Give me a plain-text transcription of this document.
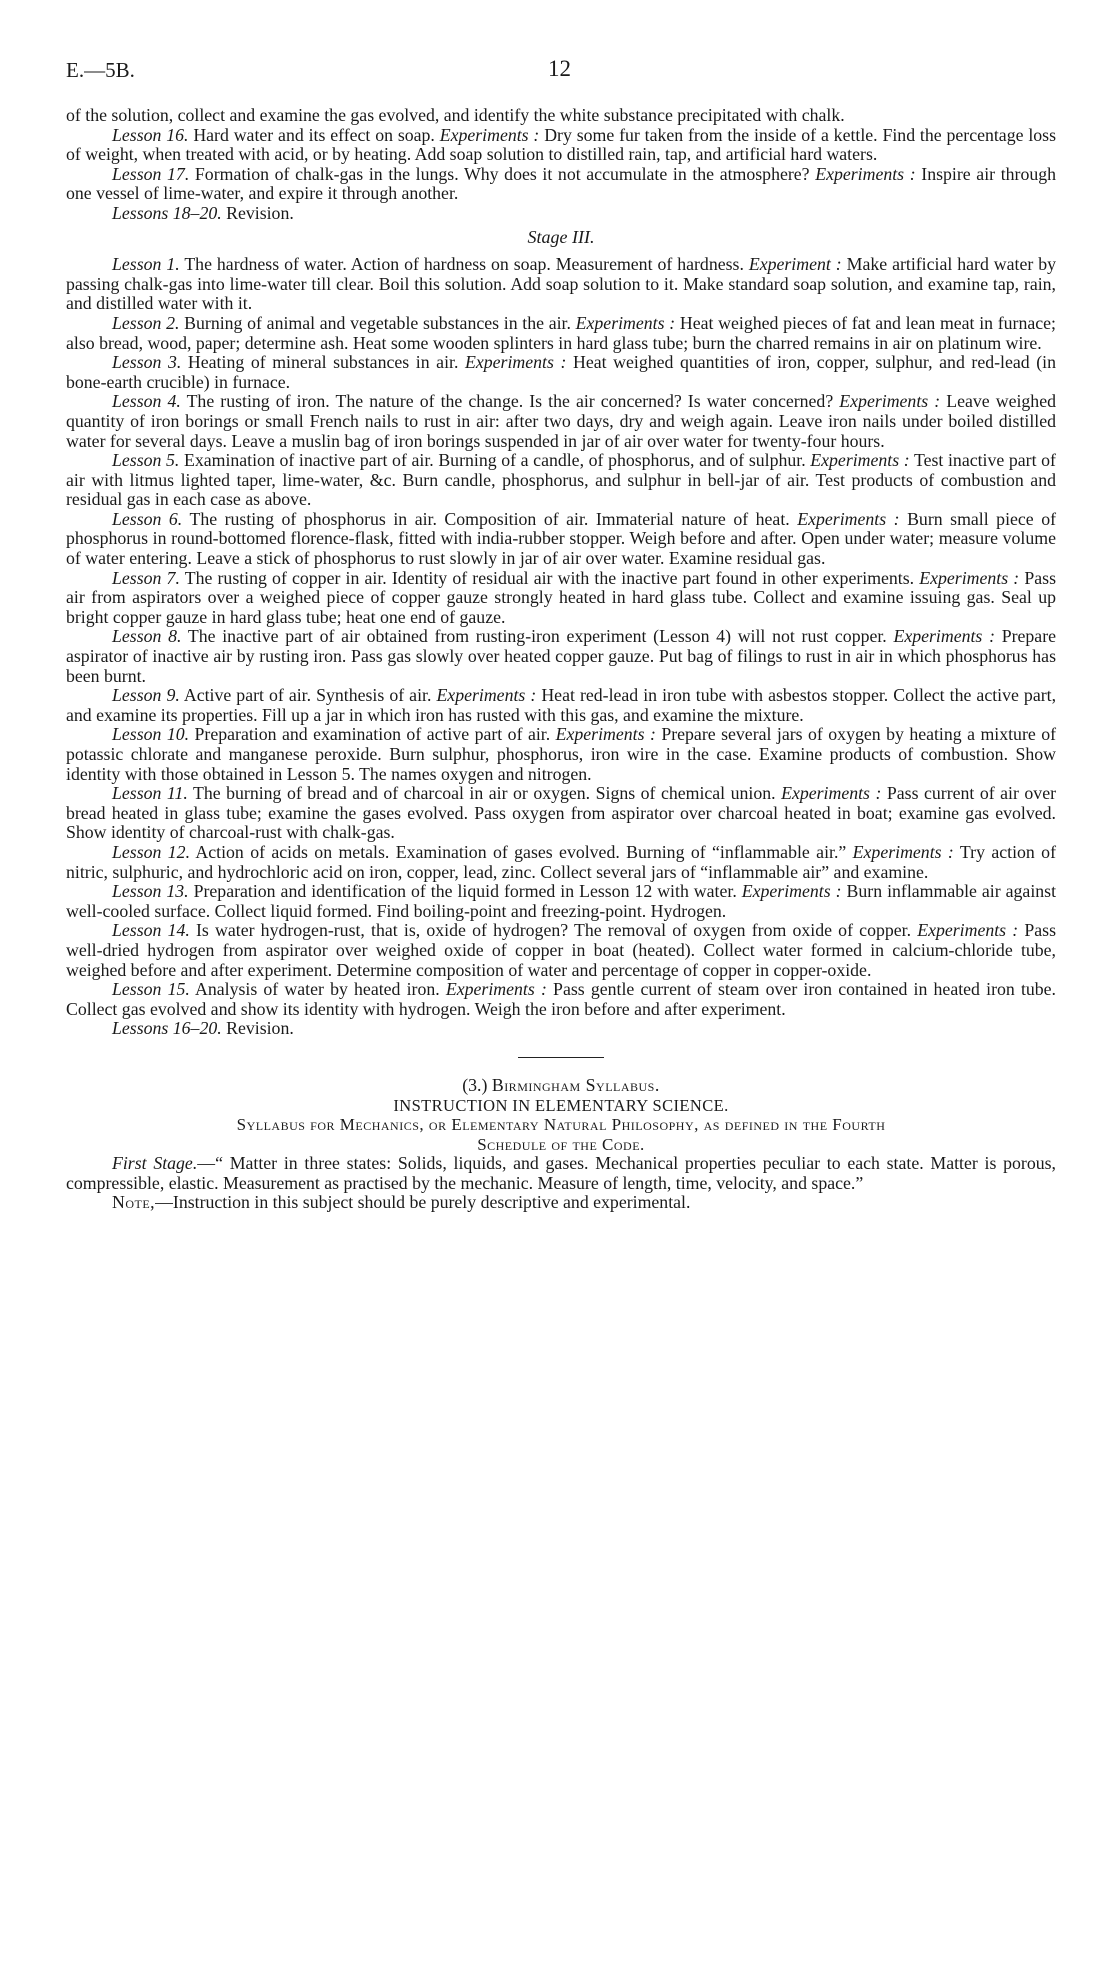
E.—5B.	12

of the solution, collect and examine the gas evolved, and identify the white substance precipitated with chalk.

Lesson 16. Hard water and its effect on soap. Experiments : Dry some fur taken from the inside of a kettle. Find the percentage loss of weight, when treated with acid, or by heating. Add soap solution to distilled rain, tap, and artificial hard waters.

Lesson 17. Formation of chalk-gas in the lungs. Why does it not accumulate in the atmosphere? Experiments : Inspire air through one vessel of lime-water, and expire it through another.

Lessons 18–20. Revision.

Stage III.

Lesson 1. The hardness of water. Action of hardness on soap. Measurement of hardness. Experiment : Make artificial hard water by passing chalk-gas into lime-water till clear. Boil this solution. Add soap solution to it. Make standard soap solution, and examine tap, rain, and distilled water with it.

Lesson 2. Burning of animal and vegetable substances in the air. Experiments : Heat weighed pieces of fat and lean meat in furnace; also bread, wood, paper; determine ash. Heat some wooden splinters in hard glass tube; burn the charred remains in air on platinum wire.

Lesson 3. Heating of mineral substances in air. Experiments : Heat weighed quantities of iron, copper, sulphur, and red-lead (in bone-earth crucible) in furnace.

Lesson 4. The rusting of iron. The nature of the change. Is the air concerned? Is water concerned? Experiments : Leave weighed quantity of iron borings or small French nails to rust in air: after two days, dry and weigh again. Leave iron nails under boiled distilled water for several days. Leave a muslin bag of iron borings suspended in jar of air over water for twenty-four hours.

Lesson 5. Examination of inactive part of air. Burning of a candle, of phosphorus, and of sulphur. Experiments : Test inactive part of air with litmus lighted taper, lime-water, &c. Burn candle, phosphorus, and sulphur in bell-jar of air. Test products of combustion and residual gas in each case as above.

Lesson 6. The rusting of phosphorus in air. Composition of air. Immaterial nature of heat. Experiments : Burn small piece of phosphorus in round-bottomed florence-flask, fitted with india-rubber stopper. Weigh before and after. Open under water; measure volume of water entering. Leave a stick of phosphorus to rust slowly in jar of air over water. Examine residual gas.

Lesson 7. The rusting of copper in air. Identity of residual air with the inactive part found in other experiments. Experiments : Pass air from aspirators over a weighed piece of copper gauze strongly heated in hard glass tube. Collect and examine issuing gas. Seal up bright copper gauze in hard glass tube; heat one end of gauze.

Lesson 8. The inactive part of air obtained from rusting-iron experiment (Lesson 4) will not rust copper. Experiments : Prepare aspirator of inactive air by rusting iron. Pass gas slowly over heated copper gauze. Put bag of filings to rust in air in which phosphorus has been burnt.

Lesson 9. Active part of air. Synthesis of air. Experiments : Heat red-lead in iron tube with asbestos stopper. Collect the active part, and examine its properties. Fill up a jar in which iron has rusted with this gas, and examine the mixture.

Lesson 10. Preparation and examination of active part of air. Experiments : Prepare several jars of oxygen by heating a mixture of potassic chlorate and manganese peroxide. Burn sulphur, phosphorus, iron wire in the case. Examine products of combustion. Show identity with those obtained in Lesson 5. The names oxygen and nitrogen.

Lesson 11. The burning of bread and of charcoal in air or oxygen. Signs of chemical union. Experiments : Pass current of air over bread heated in glass tube; examine the gases evolved. Pass oxygen from aspirator over charcoal heated in boat; examine gas evolved. Show identity of charcoal-rust with chalk-gas.

Lesson 12. Action of acids on metals. Examination of gases evolved. Burning of “inflammable air.” Experiments : Try action of nitric, sulphuric, and hydrochloric acid on iron, copper, lead, zinc. Collect several jars of “inflammable air” and examine.

Lesson 13. Preparation and identification of the liquid formed in Lesson 12 with water. Experiments : Burn inflammable air against well-cooled surface. Collect liquid formed. Find boiling-point and freezing-point. Hydrogen.

Lesson 14. Is water hydrogen-rust, that is, oxide of hydrogen? The removal of oxygen from oxide of copper. Experiments : Pass well-dried hydrogen from aspirator over weighed oxide of copper in boat (heated). Collect water formed in calcium-chloride tube, weighed before and after experiment. Determine composition of water and percentage of copper in copper-oxide.

Lesson 15. Analysis of water by heated iron. Experiments : Pass gentle current of steam over iron contained in heated iron tube. Collect gas evolved and show its identity with hydrogen. Weigh the iron before and after experiment.

Lessons 16–20. Revision.

(3.) Birmingham Syllabus.

INSTRUCTION IN ELEMENTARY SCIENCE.

Syllabus for Mechanics, or Elementary Natural Philosophy, as defined in the Fourth

Schedule of the Code.

First Stage.—“ Matter in three states: Solids, liquids, and gases. Mechanical properties peculiar to each state. Matter is porous, compressible, elastic. Measurement as practised by the mechanic. Measure of length, time, velocity, and space.”

Note,—Instruction in this subject should be purely descriptive and experimental.
